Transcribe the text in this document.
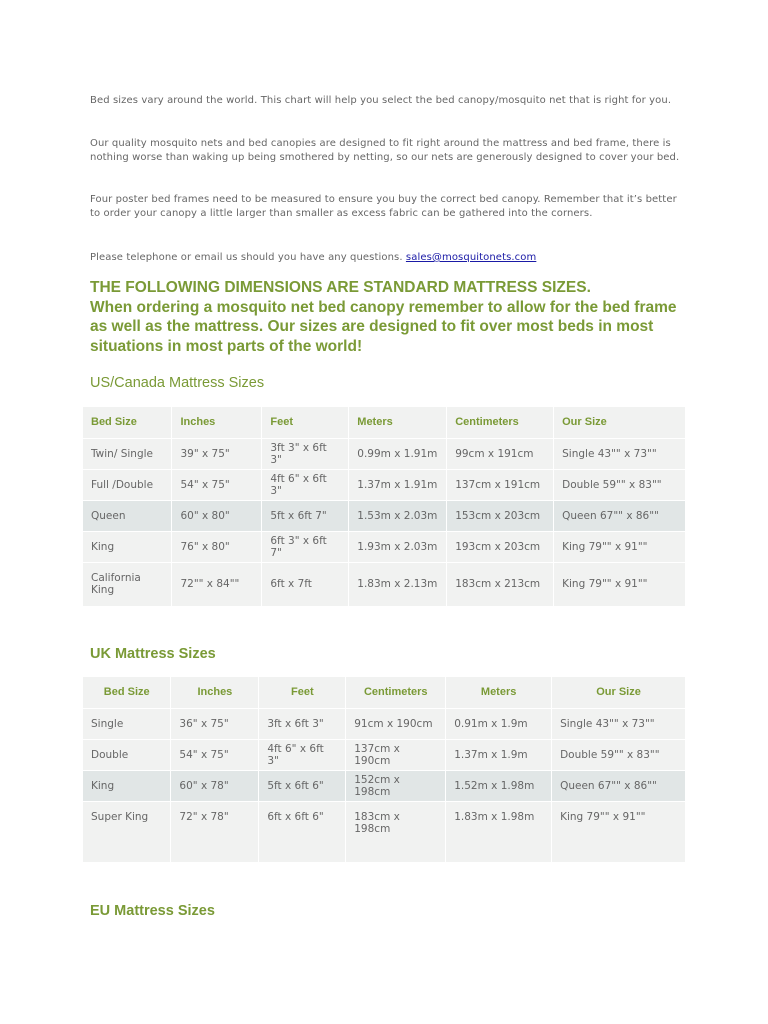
Bed sizes vary around the world. This chart will help you select the bed canopy/mosquito net that is right for you.

Our quality mosquito nets and bed canopies are designed to fit right around the mattress and bed frame, there is nothing worse than waking up being smothered by netting, so our nets are generously designed to cover your bed.

Four poster bed frames need to be measured to ensure you buy the correct bed canopy. Remember that it’s better to order your canopy a little larger than smaller as excess fabric can be gathered into the corners.

Please telephone or email us should you have any questions. sales@mosquitonets.com

THE FOLLOWING DIMENSIONS ARE STANDARD MATTRESS SIZES.
When ordering a mosquito net bed canopy remember to allow for the bed frame as well as the mattress. Our sizes are designed to fit over most beds in most situations in most parts of the world!
US/Canada Mattress Sizes
Bed Size	Inches	Feet	Meters	Centimeters	Our Size
Twin/ Single	39" x 75"	3ft 3" x 6ft 3"	0.99m x 1.91m	99cm x 191cm	Single 43"" x 73""
Full /Double	54" x 75"	4ft 6" x 6ft 3"	1.37m x 1.91m	137cm x 191cm	Double 59"" x 83""
Queen	60" x 80"	5ft x 6ft 7"	1.53m x 2.03m	153cm x 203cm	Queen 67"" x 86""
King	76" x 80"	6ft 3" x 6ft 7"	1.93m x 2.03m	193cm x 203cm	King 79"" x 91""
California King	72"" x 84""	6ft x 7ft	1.83m x 2.13m	183cm x 213cm	King 79"" x 91""
UK Mattress Sizes
Bed Size	Inches	Feet	Centimeters	Meters	Our Size
Single	36" x 75"	3ft x 6ft 3"	91cm x 190cm	0.91m x 1.9m	Single 43"" x 73""
Double	54" x 75"	4ft 6" x 6ft 3"	137cm x 190cm	1.37m x 1.9m	Double 59"" x 83""
King	60" x 78"	5ft x 6ft 6"	152cm x 198cm	1.52m x 1.98m	Queen 67"" x 86""
Super King	72" x 78"	6ft x 6ft 6"	183cm x 198cm	1.83m x 1.98m	King 79"" x 91""
EU Mattress Sizes
